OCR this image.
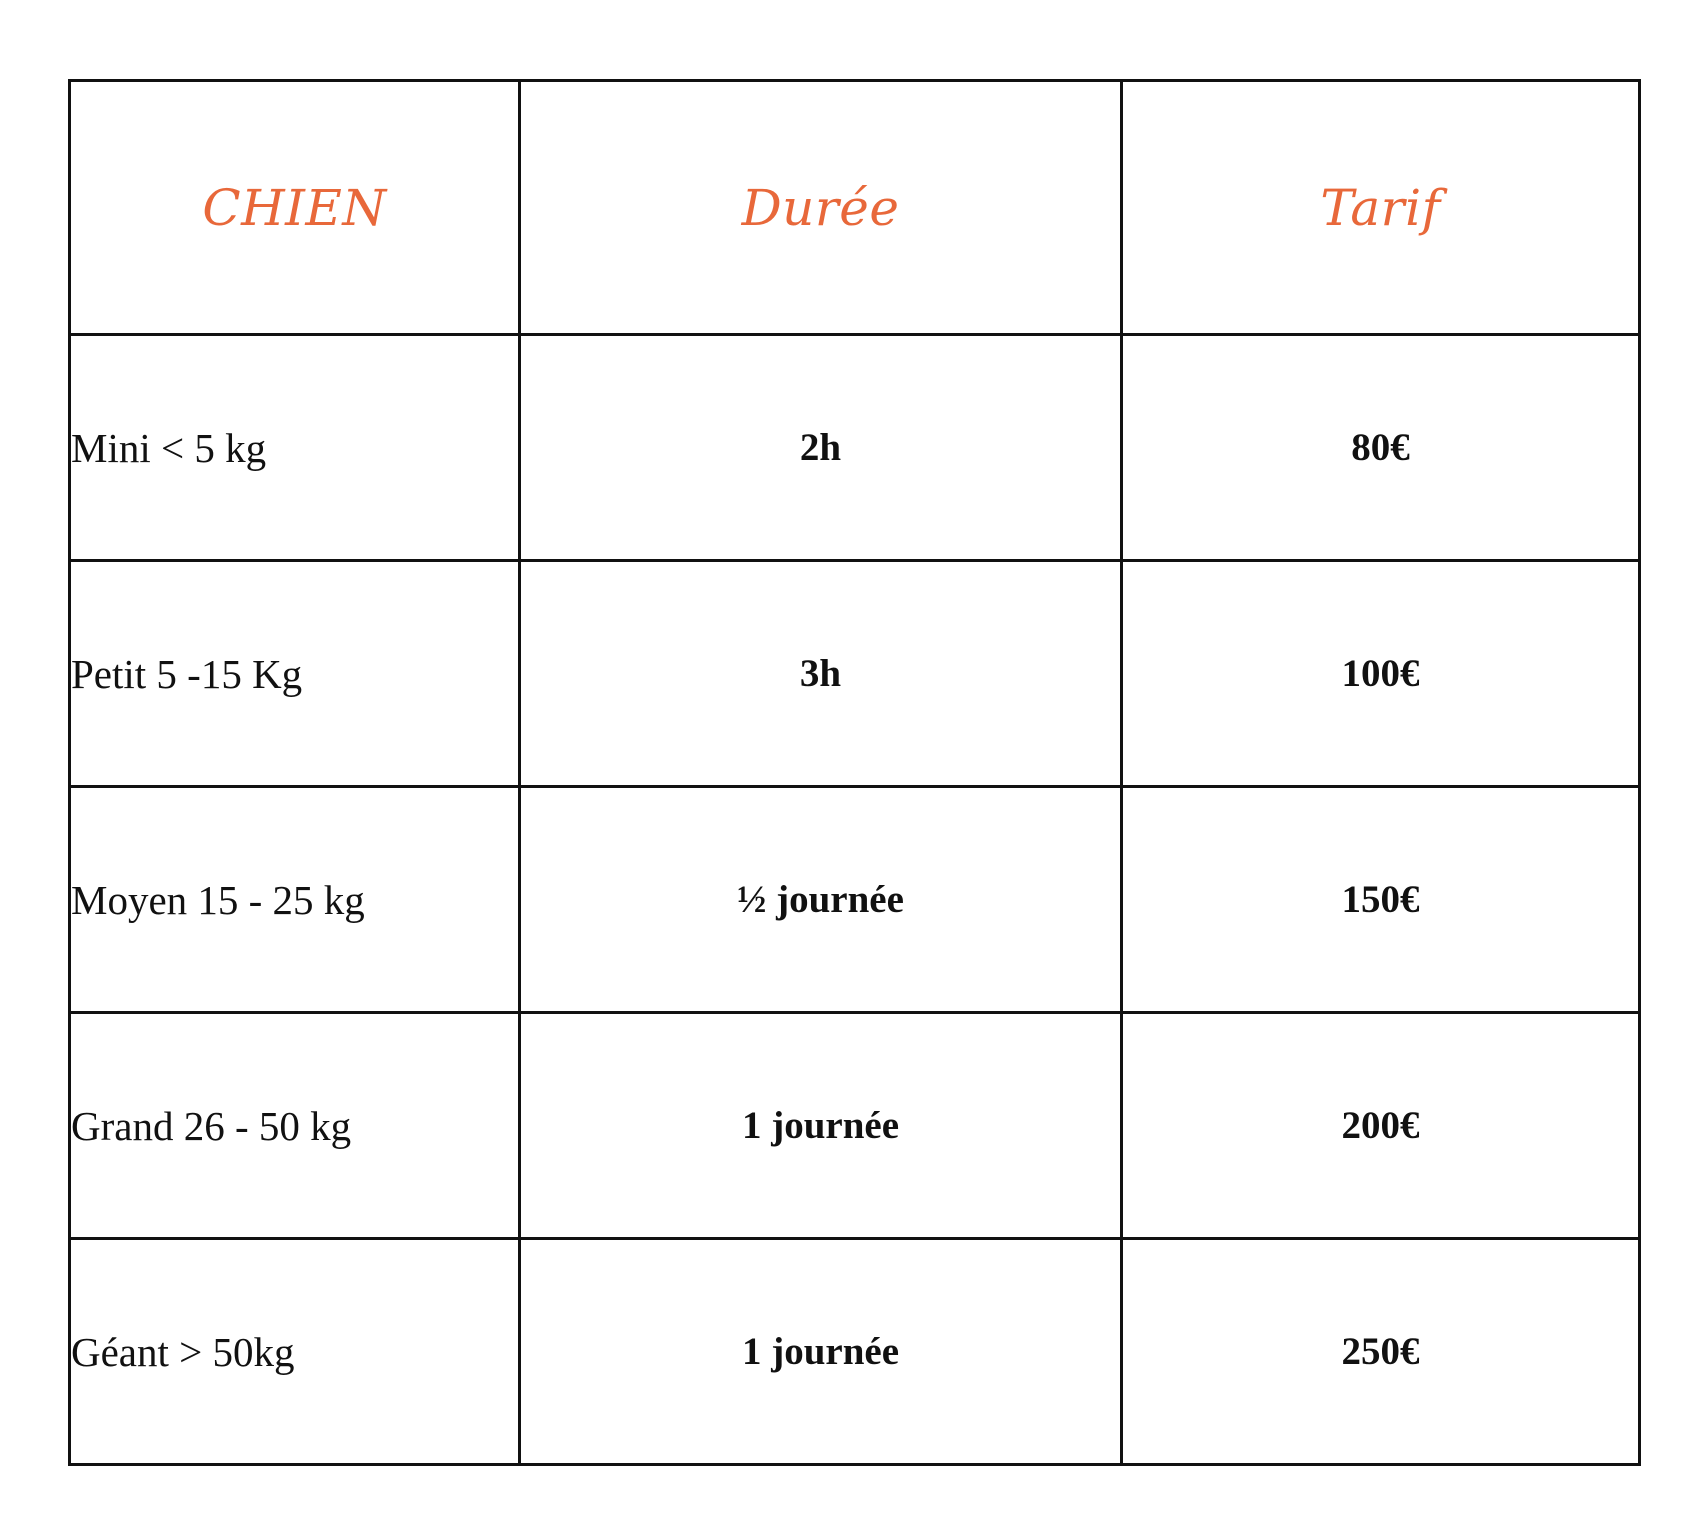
CHIEN	Durée	Tarif
Mini < 5 kg	2h	80€
Petit 5 -15 Kg	3h	100€
Moyen 15 - 25 kg	½ journée	150€
Grand 26 - 50 kg	1 journée	200€
Géant > 50kg	1 journée	250€
